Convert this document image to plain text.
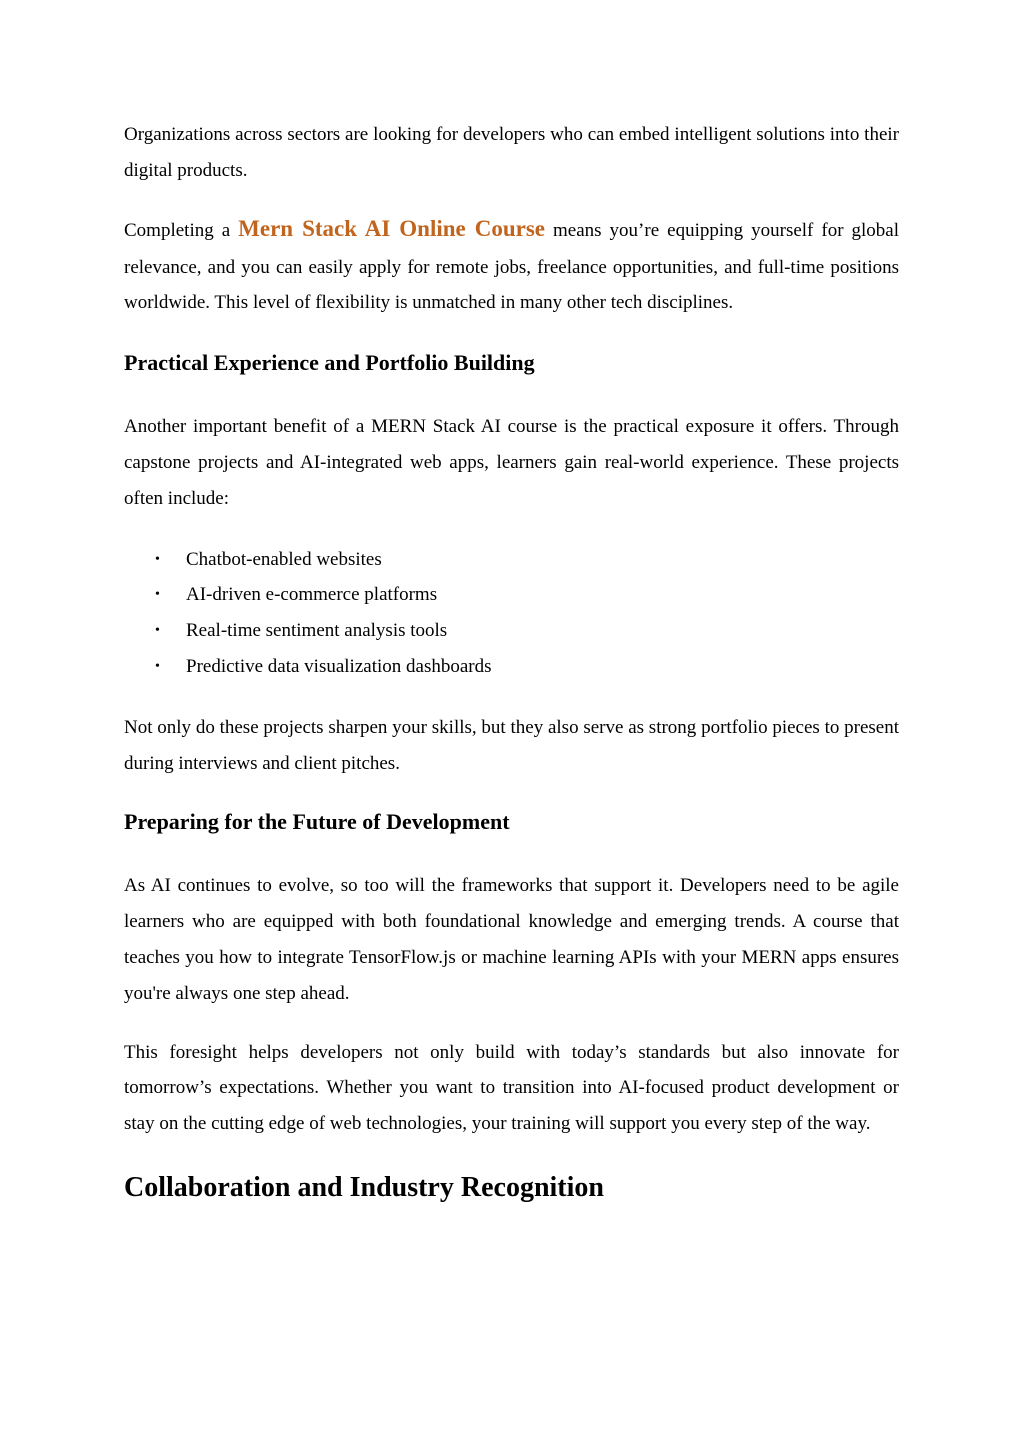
Organizations across sectors are looking for developers who can embed intelligent solutions into their digital products.

Completing a Mern Stack AI Online Course means you’re equipping yourself for global relevance, and you can easily apply for remote jobs, freelance opportunities, and full-time positions worldwide. This level of flexibility is unmatched in many other tech disciplines.

Practical Experience and Portfolio Building

Another important benefit of a MERN Stack AI course is the practical exposure it offers. Through capstone projects and AI-integrated web apps, learners gain real-world experience. These projects often include:

• Chatbot-enabled websites
• AI-driven e-commerce platforms
• Real-time sentiment analysis tools
• Predictive data visualization dashboards

Not only do these projects sharpen your skills, but they also serve as strong portfolio pieces to present during interviews and client pitches.

Preparing for the Future of Development

As AI continues to evolve, so too will the frameworks that support it. Developers need to be agile learners who are equipped with both foundational knowledge and emerging trends. A course that teaches you how to integrate TensorFlow.js or machine learning APIs with your MERN apps ensures you're always one step ahead.

This foresight helps developers not only build with today’s standards but also innovate for tomorrow’s expectations. Whether you want to transition into AI-focused product development or stay on the cutting edge of web technologies, your training will support you every step of the way.

Collaboration and Industry Recognition
